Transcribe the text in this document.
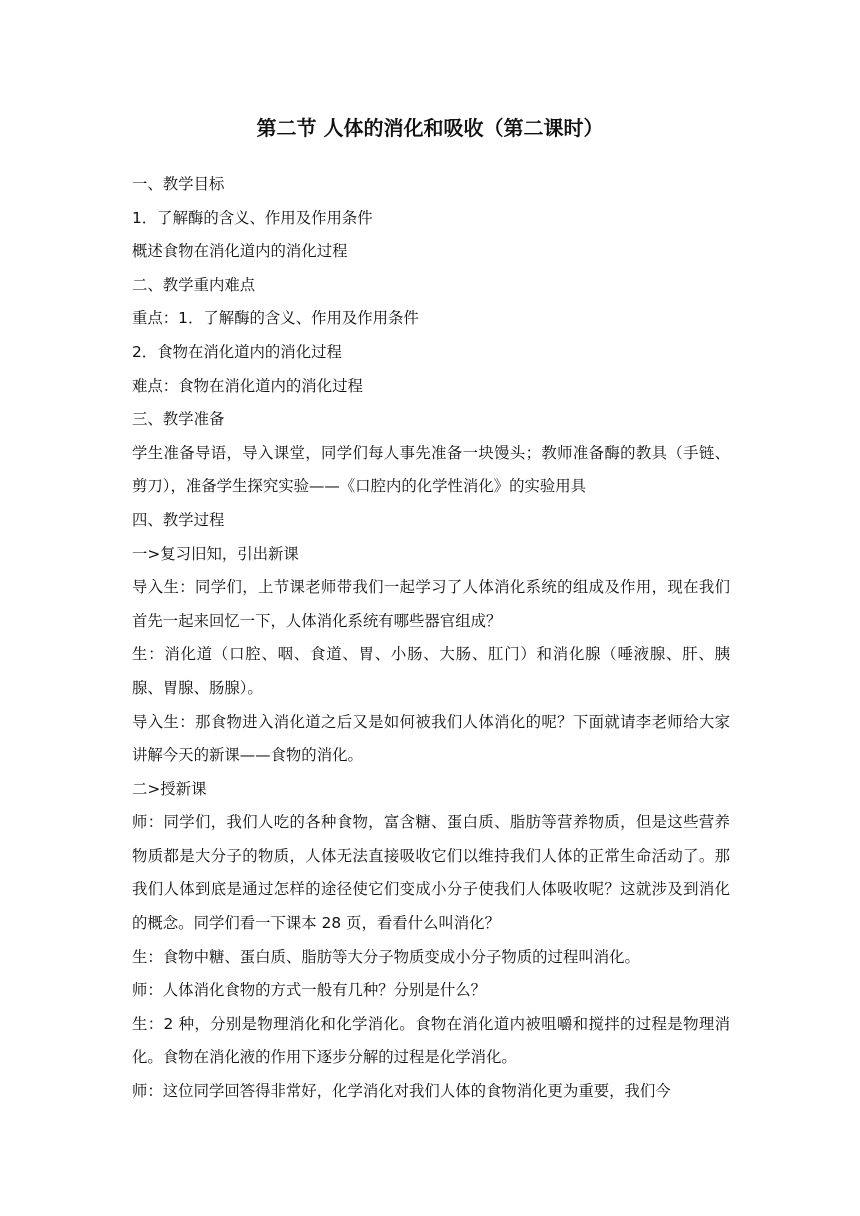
第二节 人体的消化和吸收（第二课时）

一、教学目标

1．了解酶的含义、作用及作用条件

概述食物在消化道内的消化过程

二、教学重内难点

重点：1．了解酶的含义、作用及作用条件

2．食物在消化道内的消化过程

难点：食物在消化道内的消化过程

三、教学准备

学生准备导语，导入课堂，同学们每人事先准备一块馒头；教师准备酶的教具（手链、剪刀），准备学生探究实验——《口腔内的化学性消化》的实验用具

四、教学过程

一>复习旧知，引出新课

导入生：同学们，上节课老师带我们一起学习了人体消化系统的组成及作用，现在我们首先一起来回忆一下，人体消化系统有哪些器官组成？

生：消化道（口腔、咽、食道、胃、小肠、大肠、肛门）和消化腺（唾液腺、肝、胰腺、胃腺、肠腺）。

导入生：那食物进入消化道之后又是如何被我们人体消化的呢？下面就请李老师给大家讲解今天的新课——食物的消化。

二>授新课

师：同学们，我们人吃的各种食物，富含糖、蛋白质、脂肪等营养物质，但是这些营养物质都是大分子的物质，人体无法直接吸收它们以维持我们人体的正常生命活动了。那我们人体到底是通过怎样的途径使它们变成小分子使我们人体吸收呢？这就涉及到消化的概念。同学们看一下课本 28 页，看看什么叫消化？

生：食物中糖、蛋白质、脂肪等大分子物质变成小分子物质的过程叫消化。

师：人体消化食物的方式一般有几种？分别是什么？

生：2 种，分别是物理消化和化学消化。食物在消化道内被咀嚼和搅拌的过程是物理消化。食物在消化液的作用下逐步分解的过程是化学消化。

师：这位同学回答得非常好，化学消化对我们人体的食物消化更为重要，我们今
